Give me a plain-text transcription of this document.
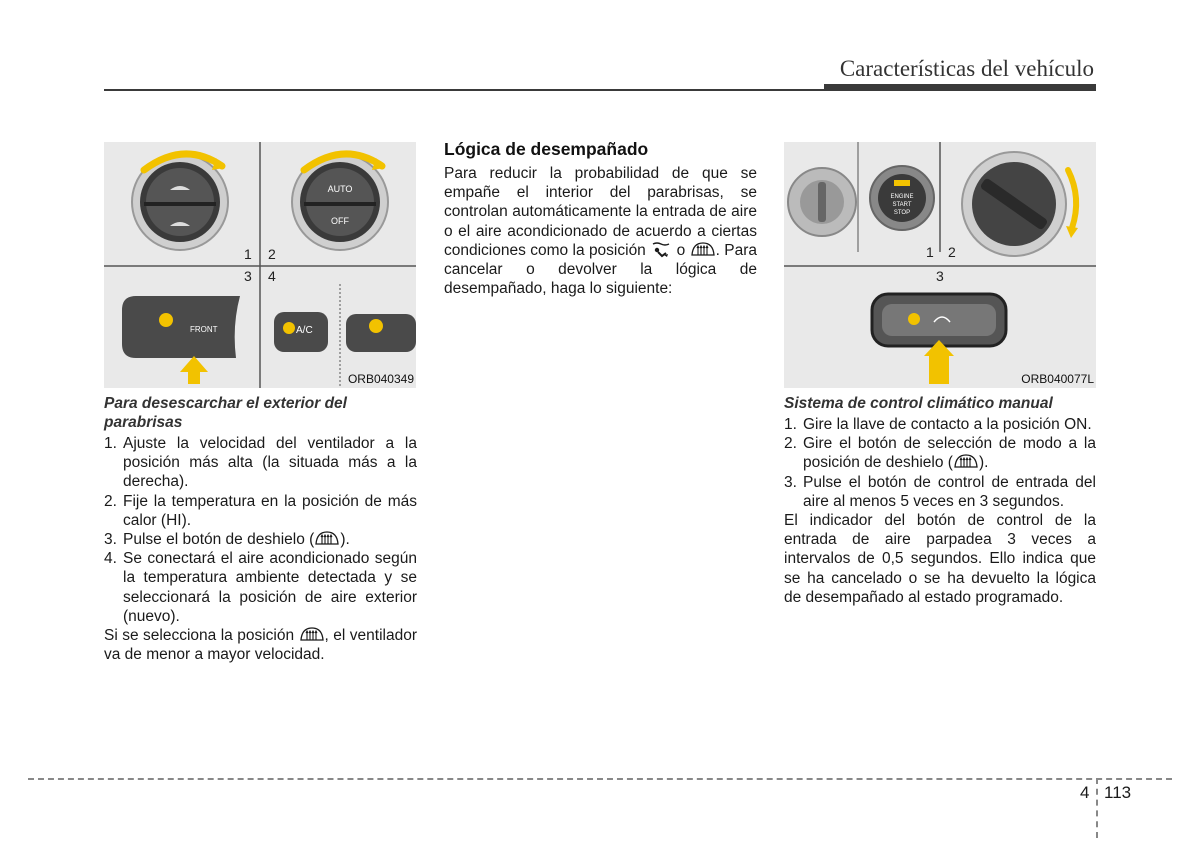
Características del vehículo
AUTO
OFF
FRONT	A/C
1 2
3 4
ORB040349
Para desescarchar el exterior del
parabrisas
1. Ajuste la velocidad del ventilador a la posición más alta (la situada más a la derecha).
2. Fije la temperatura en la posición de más calor (HI).
3. Pulse el botón de deshielo ( ).
4. Se conectará el aire acondicionado según la temperatura ambiente detectada y se seleccionará la posición de aire exterior (nuevo).

Si se selecciona la posición , el ventilador va de menor a mayor velocidad.

Lógica de desempañado
Para reducir la probabilidad de que se empañe el interior del parabrisas, se controlan automáticamente la entrada de aire o el aire acondicionado de acuerdo a ciertas condiciones como la posición o . Para cancelar o devolver la lógica de desempañado, haga lo siguiente:
ENGINE
START
STOP
1 2
3
ORB040077L
Sistema de control climático manual
1. Gire la llave de contacto a la posición ON.
2. Gire el botón de selección de modo a la posición de deshielo ( ).
3. Pulse el botón de control de entrada del aire al menos 5 veces en 3 segundos.

El indicador del botón de control de la entrada de aire parpadea 3 veces a intervalos de 0,5 segundos. Ello indica que se ha cancelado o se ha devuelto la lógica de desempañado al estado programado.

4 113
